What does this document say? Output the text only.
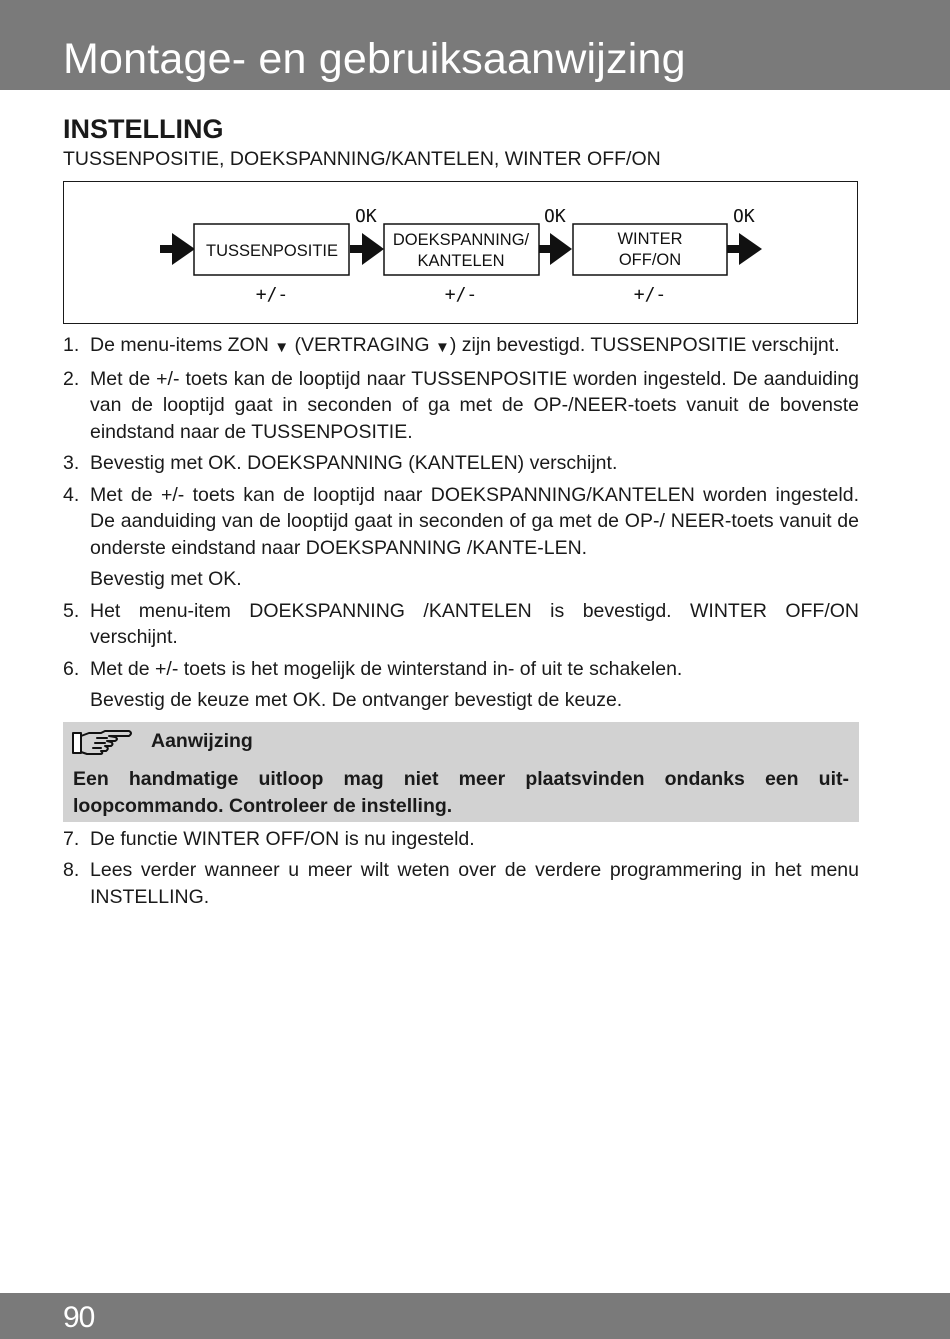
Montage- en gebruiksaanwijzing
INSTELLING
TUSSENPOSITIE, DOEKSPANNING/KANTELEN, WINTER OFF/ON
TUSSENPOSITIE
DOEKSPANNING/
KANTELEN
WINTER
OFF/ON
OK	OK	OK
+/-	+/-	+/-
1. De menu-items ZON ▼ (VERTRAGING ▼) zijn bevestigd. TUSSENPOSITIE verschijnt.
2. Met de +/- toets kan de looptijd naar TUSSENPOSITIE worden ingesteld. De aanduiding van de looptijd gaat in seconden of ga met de OP-/NEER-toets vanuit de bovenste eindstand naar de TUSSENPOSITIE.
3. Bevestig met OK. DOEKSPANNING (KANTELEN) verschijnt.
4. Met de +/- toets kan de looptijd naar DOEKSPANNING/KANTELEN worden ingesteld. De aanduiding van de looptijd gaat in seconden of ga met de OP-/ NEER-toets vanuit de onderste eindstand naar DOEKSPANNING /KANTE-LEN.
Bevestig met OK.
5. Het menu-item DOEKSPANNING /KANTELEN is bevestigd. WINTER OFF/ON verschijnt.
6. Met de +/- toets is het mogelijk de winterstand in- of uit te schakelen.
Bevestig de keuze met OK. De ontvanger bevestigt de keuze.
Aanwijzing
Een handmatige uitloop mag niet meer plaatsvinden ondanks een uit-loopcommando. Controleer de instelling.
7. De functie WINTER OFF/ON is nu ingesteld.
8. Lees verder wanneer u meer wilt weten over de verdere programmering in het menu INSTELLING.
90
